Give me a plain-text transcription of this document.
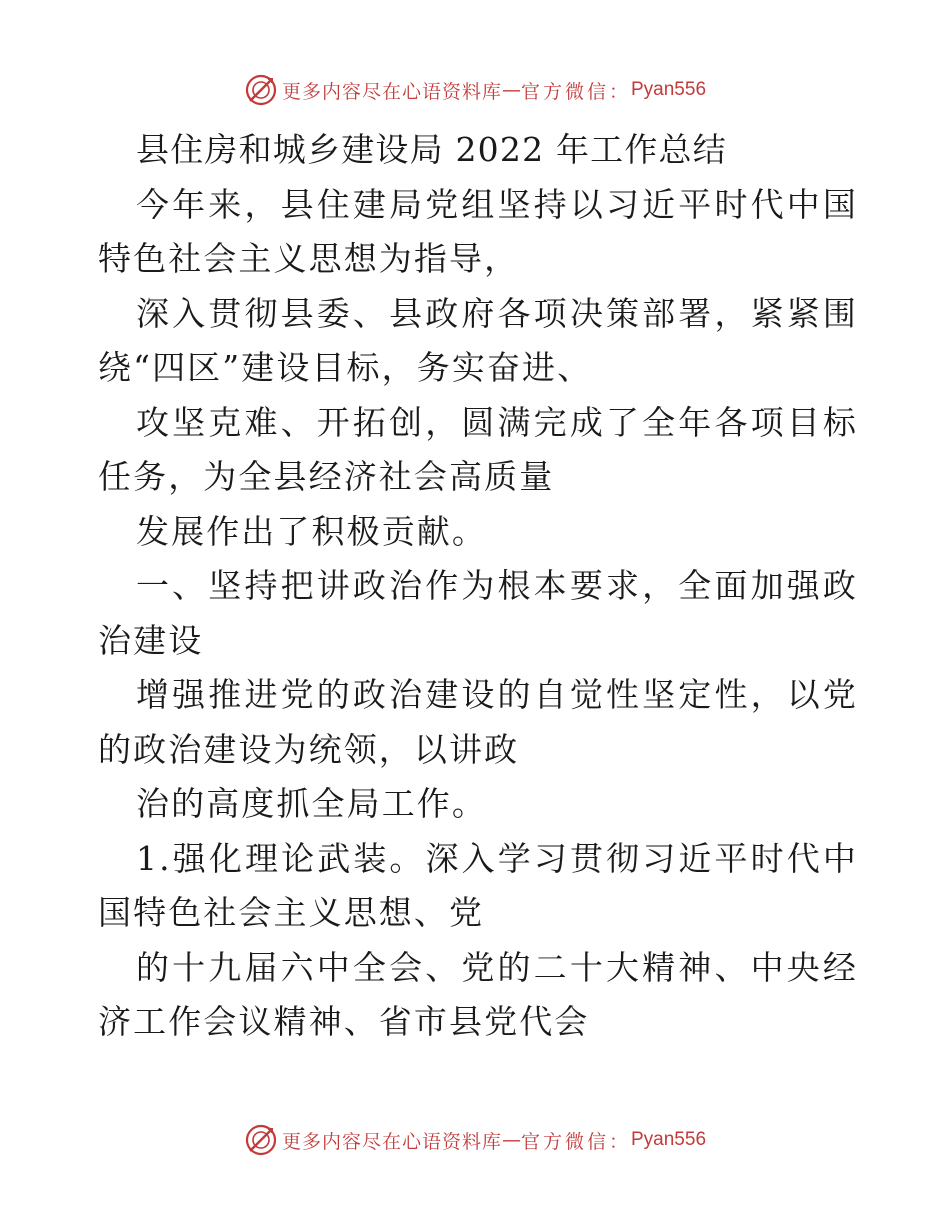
更多内容尽在心语资料库 — 官方微信： Pyan556

县住房和城乡建设局 2022 年工作总结

今年来，县住建局党组坚持以习近平时代中国特色社会主义思想为指导，

深入贯彻县委、县政府各项决策部署，紧紧围绕“四区”建设目标，务实奋进、

攻坚克难、开拓创，圆满完成了全年各项目标任务，为全县经济社会高质量

发展作出了积极贡献。

一、坚持把讲政治作为根本要求，全面加强政治建设

增强推进党的政治建设的自觉性坚定性，以党的政治建设为统领，以讲政

治的高度抓全局工作。

1.强化理论武装。深入学习贯彻习近平时代中国特色社会主义思想、党

的十九届六中全会、党的二十大精神、中央经济工作会议精神、省市县党代会

更多内容尽在心语资料库 — 官方微信： Pyan556
